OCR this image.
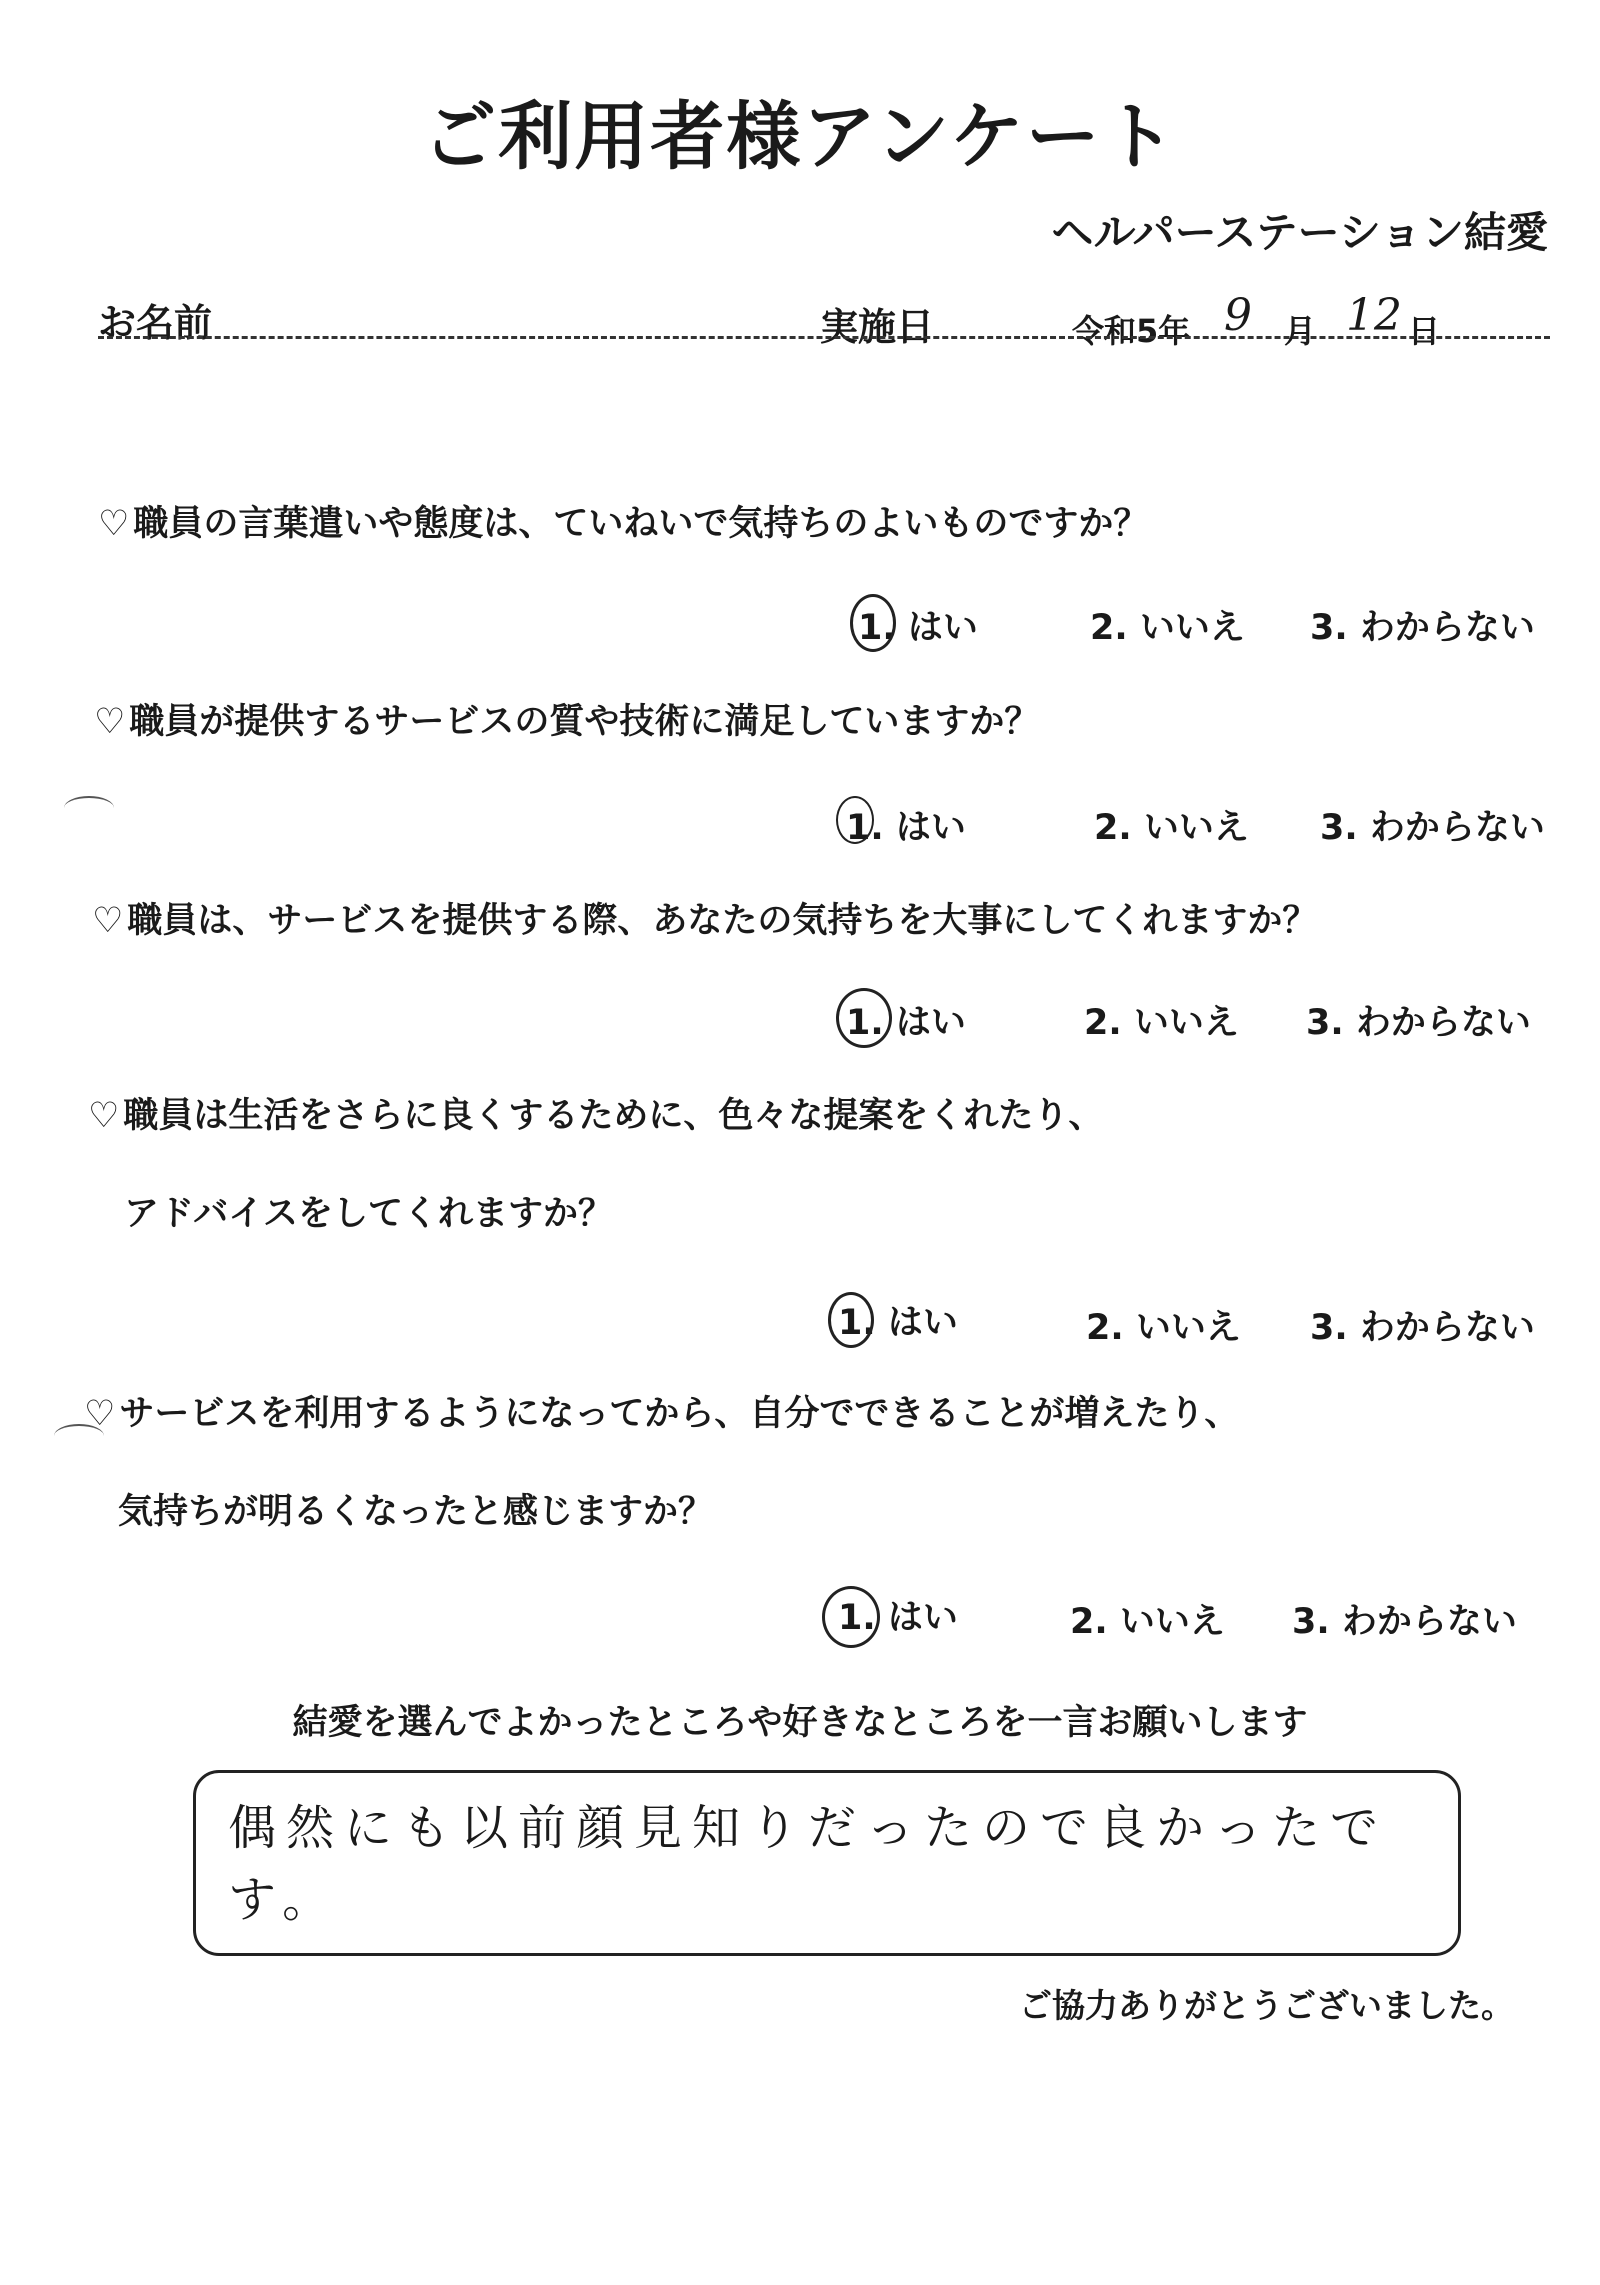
ご利用者様アンケート
ヘルパーステーション結愛
お名前	実施日	令和5年 9 月 12 日
♡ 職員の言葉遣いや態度は、ていねいで気持ちのよいものですか？
1. はい	2. いいえ 3. わからない
♡ 職員が提供するサービスの質や技術に満足していますか？
1. はい	2. いいえ 3. わからない
♡ 職員は、サービスを提供する際、あなたの気持ちを大事にしてくれますか？
1. はい	2. いいえ 3. わからない
♡ 職員は生活をさらに良くするために、色々な提案をくれたり、
アドバイスをしてくれますか？
1. はい	2. いいえ 3. わからない
♡ サービスを利用するようになってから、自分でできることが増えたり、
気持ちが明るくなったと感じますか？
1. はい	2. いいえ 3. わからない
結愛を選んでよかったところや好きなところを一言お願いします
偶然にも以前顔見知りだったので良かったです。
ご協力ありがとうございました。
